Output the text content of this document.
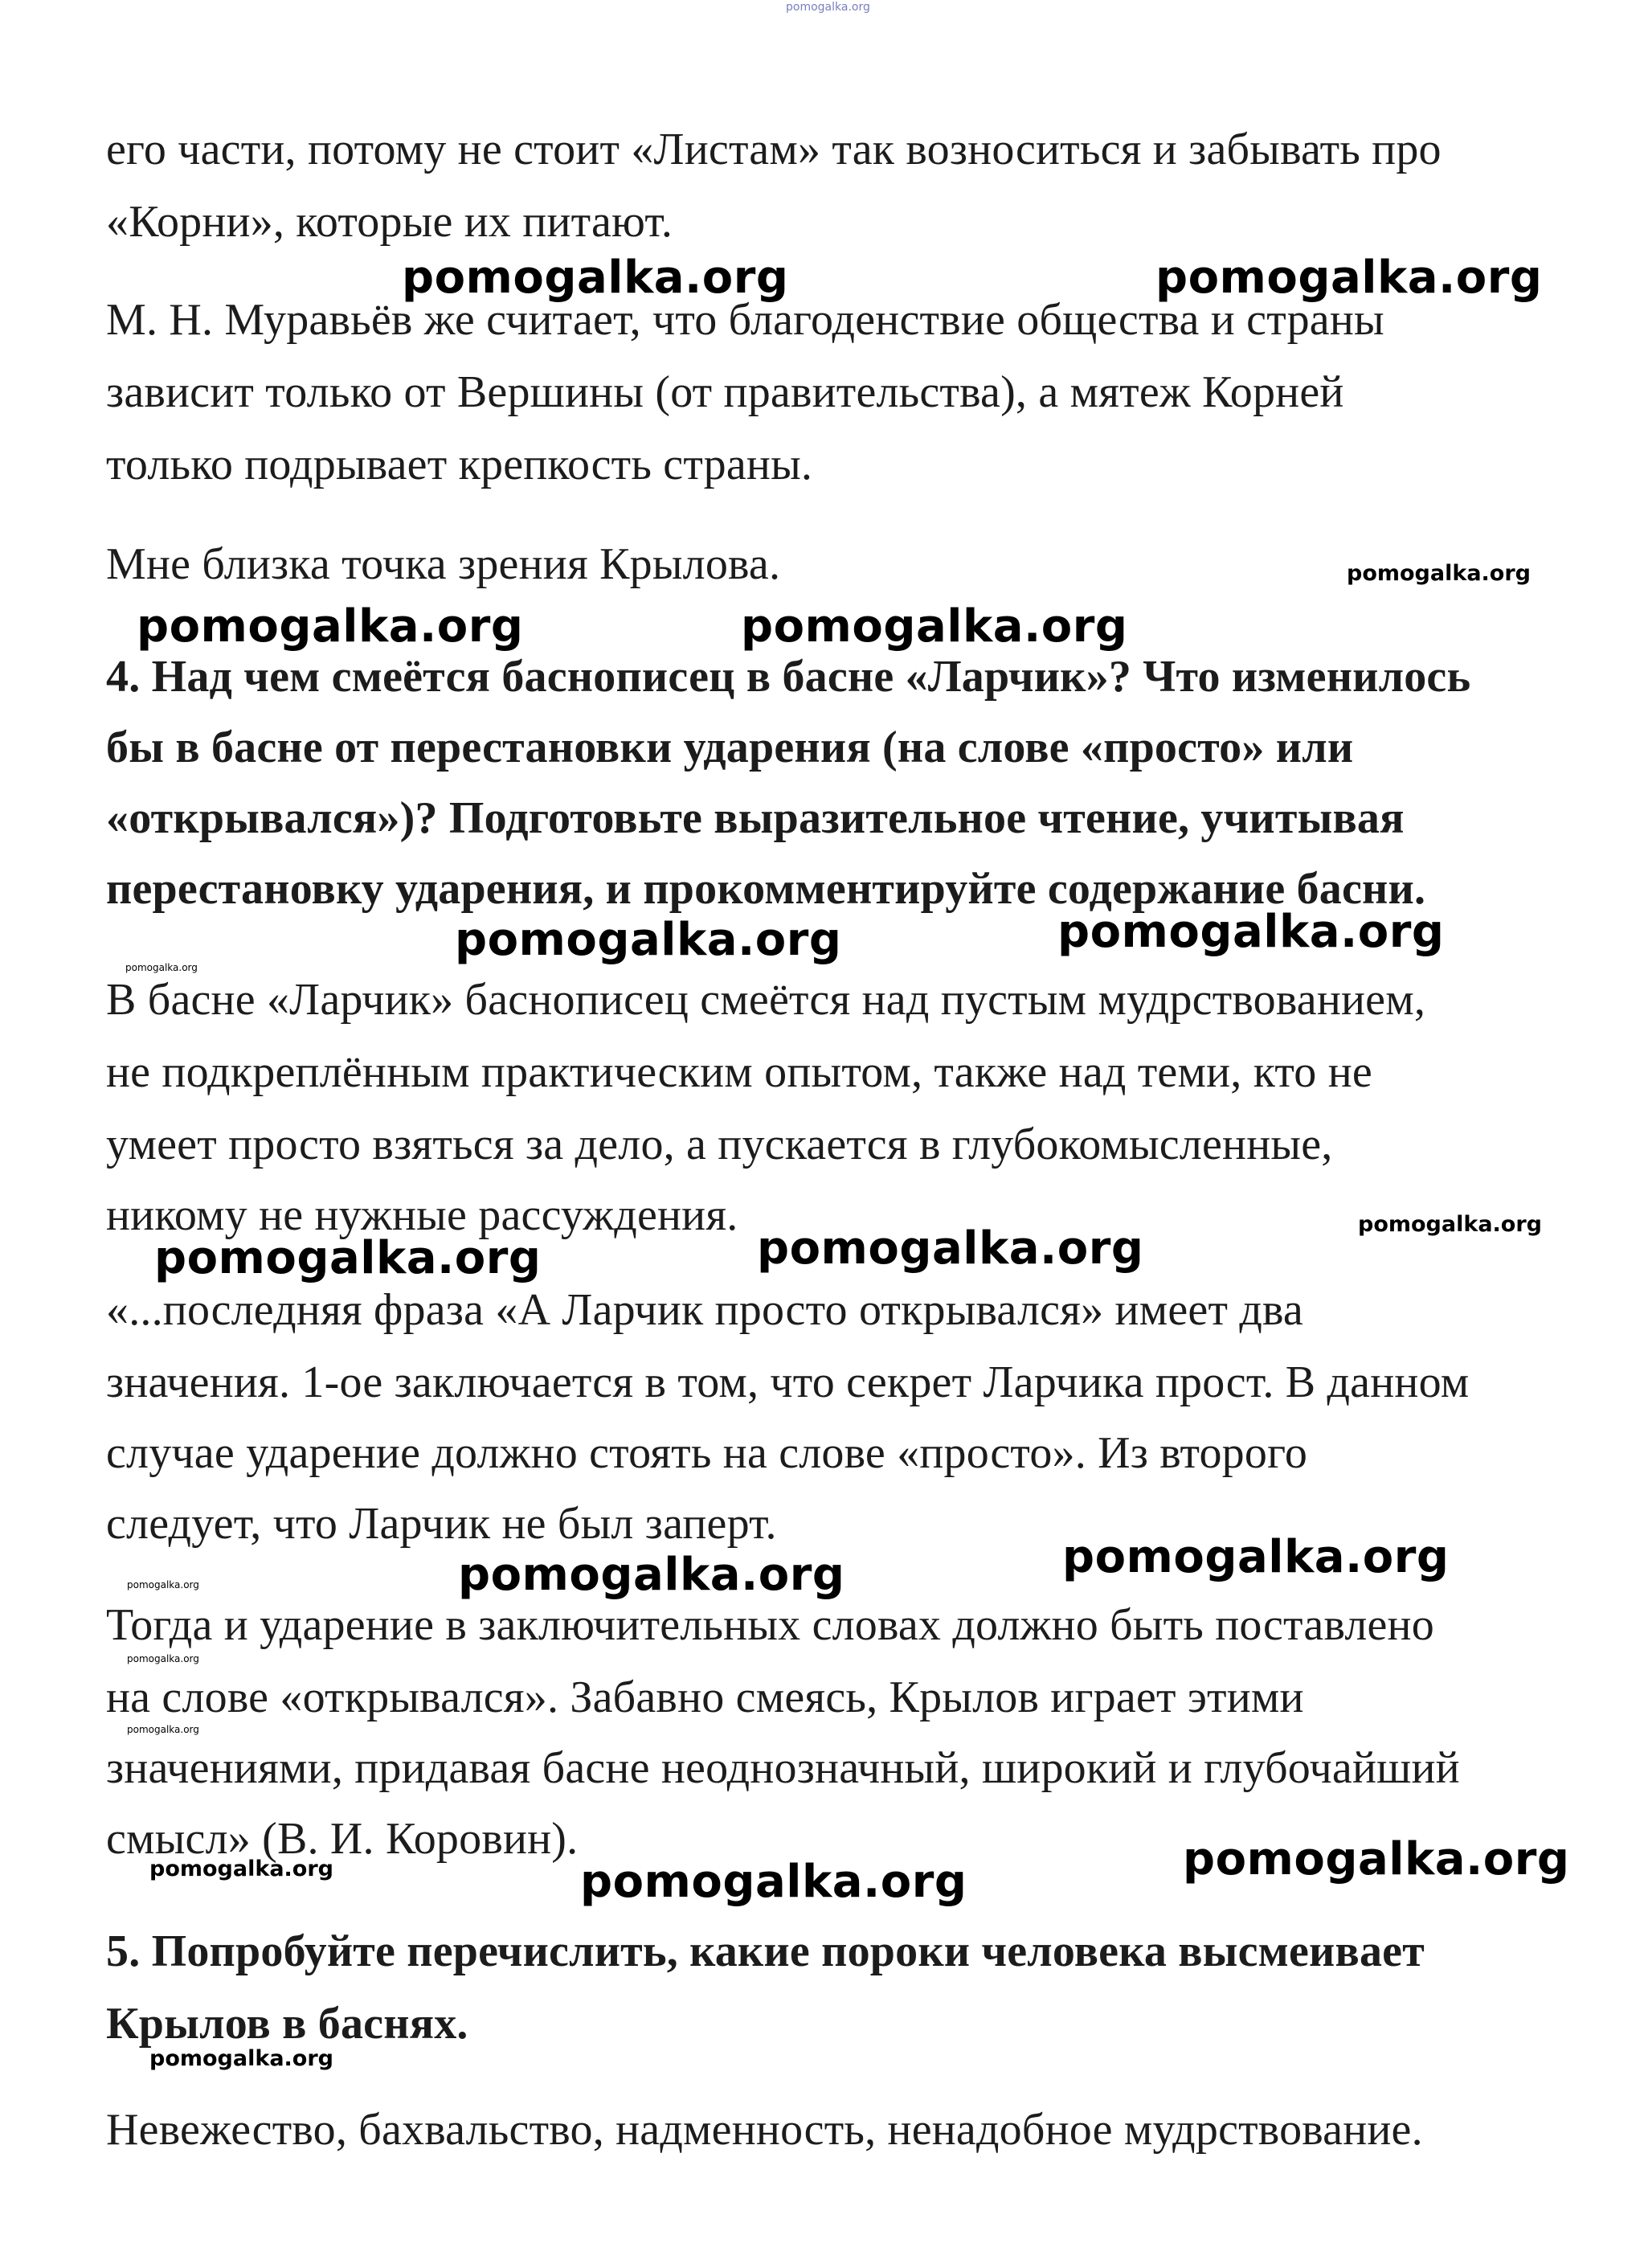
pomogalka.org
его части, потому не стоит «Листам» так возноситься и забывать про
«Корни», которые их питают.
pomogalka.org	pomogalka.org
М. Н. Муравьёв же считает, что благоденствие общества и страны
зависит только от Вершины (от правительства), а мятеж Корней
только подрывает крепкость страны.
Мне близка точка зрения Крылова.	pomogalka.org
pomogalka.org	pomogalka.org
4. Над чем смеётся баснописец в басне «Ларчик»? Что изменилось
бы в басне от перестановки ударения (на слове «просто» или
«открывался»)? Подготовьте выразительное чтение, учитывая
перестановку ударения, и прокомментируйте содержание басни.
pomogalka.org	pomogalka.org
pomogalka.org
В басне «Ларчик» баснописец смеётся над пустым мудрствованием,
не подкреплённым практическим опытом, также над теми, кто не
умеет просто взяться за дело, а пускается в глубокомысленные,
никому не нужные рассуждения.	pomogalka.org
pomogalka.org	pomogalka.org
«...последняя фраза «А Ларчик просто открывался» имеет два
значения. 1-ое заключается в том, что секрет Ларчика прост. В данном
случае ударение должно стоять на слове «просто». Из второго
следует, что Ларчик не был заперт.
pomogalka.org
pomogalka.org
pomogalka.org
Тогда и ударение в заключительных словах должно быть поставлено
pomogalka.org
на слове «открывался». Забавно смеясь, Крылов играет этими
pomogalka.org
значениями, придавая басне неоднозначный, широкий и глубочайший
смысл» (В. И. Коровин).
pomogalka.org	pomogalka.org
pomogalka.org
5. Попробуйте перечислить, какие пороки человека высмеивает
Крылов в баснях.
pomogalka.org
Невежество, бахвальство, надменность, ненадобное мудрствование.
